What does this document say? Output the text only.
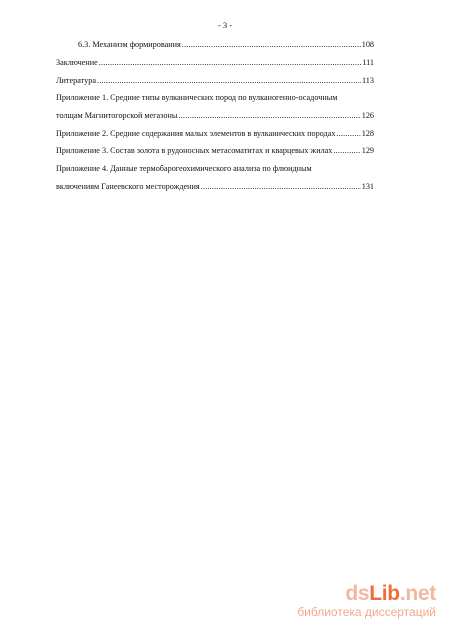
- 3 -
6.3. Механизм формирования .....	108
Заключение .....	111
Литература .....	113
Приложение 1. Средние типы вулканических пород по вулканогенно-осадочным
толщам Магнитогорской мегазоны .....	126
Приложение 2. Средние содержания малых элементов в вулканических породах .....	128
Приложение 3. Состав золота в рудоносных метасоматитах и кварцевых жилах .....	129
Приложение 4. Данные термобарогеохимического анализа по флюидным
включениям Ганеевского месторождения .....	131
dsLib.net
библиотека диссертаций
